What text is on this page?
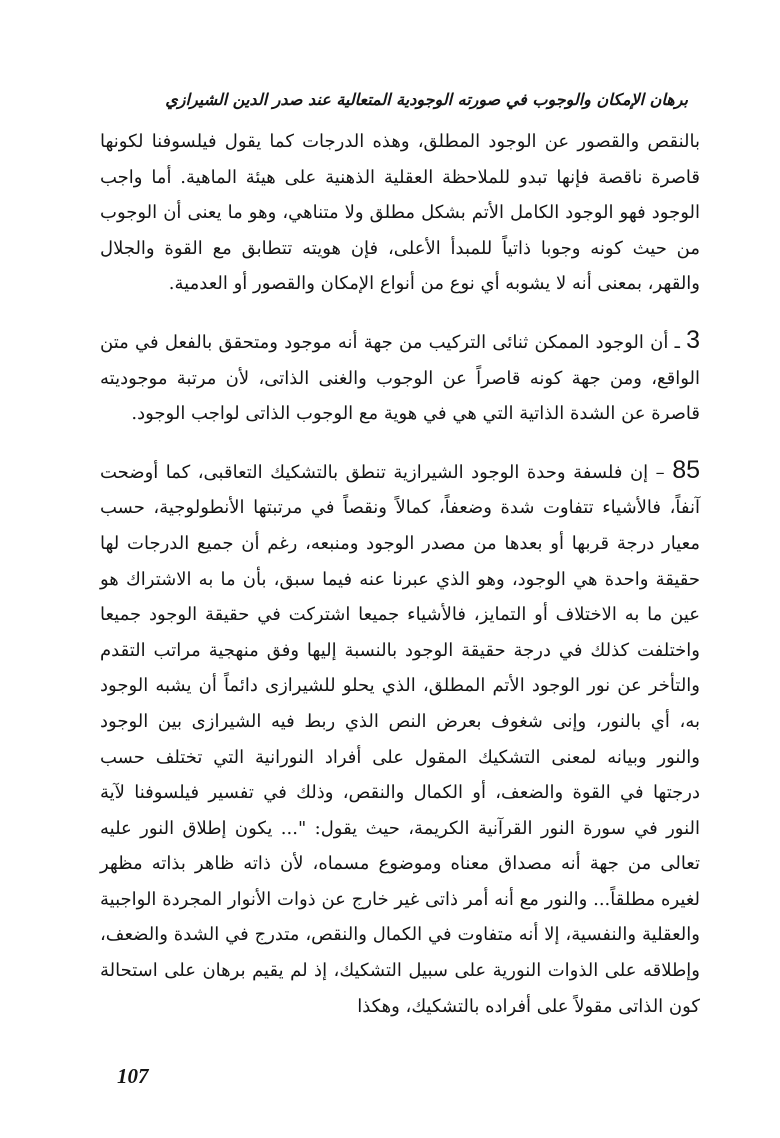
برهان الإمكان والوجوب في صورته الوجودية المتعالية عند صدر الدين الشيرازي

بالنقص والقصور عن الوجود المطلق، وهذه الدرجات كما يقول فيلسوفنا لكونها قاصرة ناقصة فإنها تبدو للملاحظة العقلية الذهنية على هيئة الماهية. أما واجب الوجود فهو الوجود الكامل الأتم بشكل مطلق ولا متناهي، وهو ما يعنى أن الوجوب من حيث كونه وجوبا ذاتياً للمبدأ الأعلى، فإن هويته تتطابق مع القوة والجلال والقهر، بمعنى أنه لا يشوبه أي نوع من أنواع الإمكان والقصور أو العدمية.

3 ـ أن الوجود الممكن ثنائى التركيب من جهة أنه موجود ومتحقق بالفعل في متن الواقع، ومن جهة كونه قاصراً عن الوجوب والغنى الذاتى، لأن مرتبة موجوديته قاصرة عن الشدة الذاتية التي هي في هوية مع الوجوب الذاتى لواجب الوجود.

85 – إن فلسفة وحدة الوجود الشيرازية تنطق بالتشكيك التعاقبى، كما أوضحت آنفاً، فالأشياء تتفاوت شدة وضعفاً، كمالاً ونقصاً في مرتبتها الأنطولوجية، حسب معيار درجة قربها أو بعدها من مصدر الوجود ومنبعه، رغم أن جميع الدرجات لها حقيقة واحدة هي الوجود، وهو الذي عبرنا عنه فيما سبق، بأن ما به الاشتراك هو عين ما به الاختلاف أو التمايز، فالأشياء جميعا اشتركت في حقيقة الوجود جميعا واختلفت كذلك في درجة حقيقة الوجود بالنسبة إليها وفق منهجية مراتب التقدم والتأخر عن نور الوجود الأتم المطلق، الذي يحلو للشيرازى دائماً أن يشبه الوجود به، أي بالنور، وإنى شغوف بعرض النص الذي ربط فيه الشيرازى بين الوجود والنور وبيانه لمعنى التشكيك المقول على أفراد النورانية التي تختلف حسب درجتها في القوة والضعف، أو الكمال والنقص، وذلك في تفسير فيلسوفنا لآية النور في سورة النور القرآنية الكريمة، حيث يقول: "... يكون إطلاق النور عليه تعالى من جهة أنه مصداق معناه وموضوع مسماه، لأن ذاته ظاهر بذاته مظهر لغيره مطلقاً... والنور مع أنه أمر ذاتى غير خارج عن ذوات الأنوار المجردة الواجبية والعقلية والنفسية، إلا أنه متفاوت في الكمال والنقص، متدرج في الشدة والضعف، وإطلاقه على الذوات النورية على سبيل التشكيك، إذ لم يقيم برهان على استحالة كون الذاتى مقولاً على أفراده بالتشكيك، وهكذا

107
